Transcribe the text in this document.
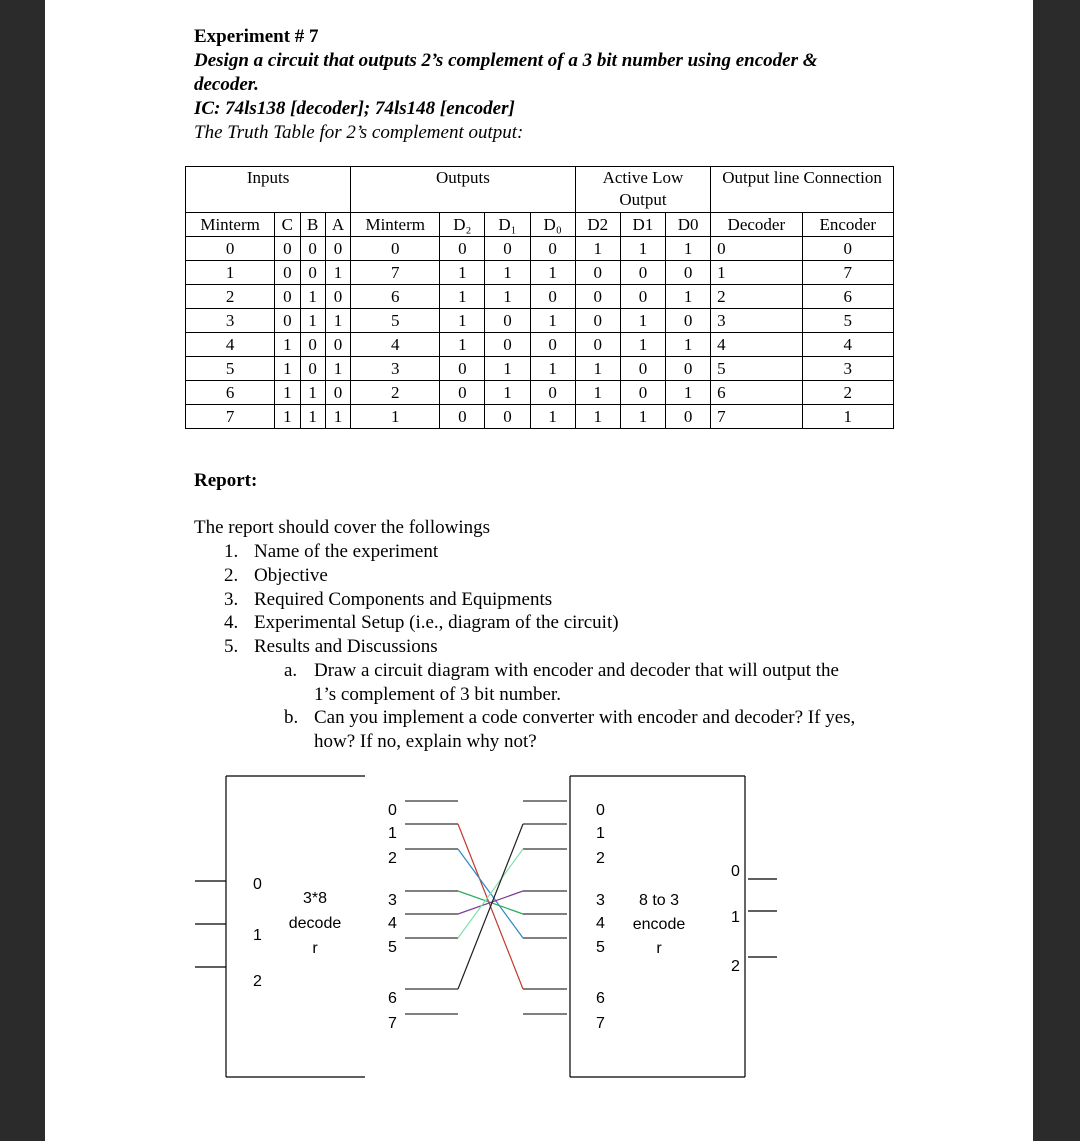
Experiment # 7
Design a circuit that outputs 2’s complement of a 3 bit number using encoder &
decoder.
IC: 74ls138 [decoder]; 74ls148 [encoder]
The Truth Table for 2’s complement output:
Inputs				Outputs				Active Low Output			Output line Connection	
Minterm	C	B	A	Minterm	D₂	D₁	D₀	D2	D1	D0	Decoder	Encoder
0	0	0	0	0	0	0	0	1	1	1	0	0
1	0	0	1	7	1	1	1	0	0	0	1	7
2	0	1	0	6	1	1	0	0	0	1	2	6
3	0	1	1	5	1	0	1	0	1	0	3	5
4	1	0	0	4	1	0	0	0	1	1	4	4
5	1	0	1	3	0	1	1	1	0	0	5	3
6	1	1	0	2	0	1	0	1	0	1	6	2
7	1	1	1	1	0	0	1	1	1	0	7	1
Report:
The report should cover the followings
1. Name of the experiment
2. Objective
3. Required Components and Equipments
4. Experimental Setup (i.e., diagram of the circuit)
5. Results and Discussions
a. Draw a circuit diagram with encoder and decoder that will output the
1’s complement of 3 bit number.
b. Can you implement a code converter with encoder and decoder? If yes,
how? If no, explain why not?
0
1
2
3*8
decode
r
8 to 3
encode
r
0
1
2
0	0
1	1
2	2
3	3
4	4
5	5
6	6
7	7
